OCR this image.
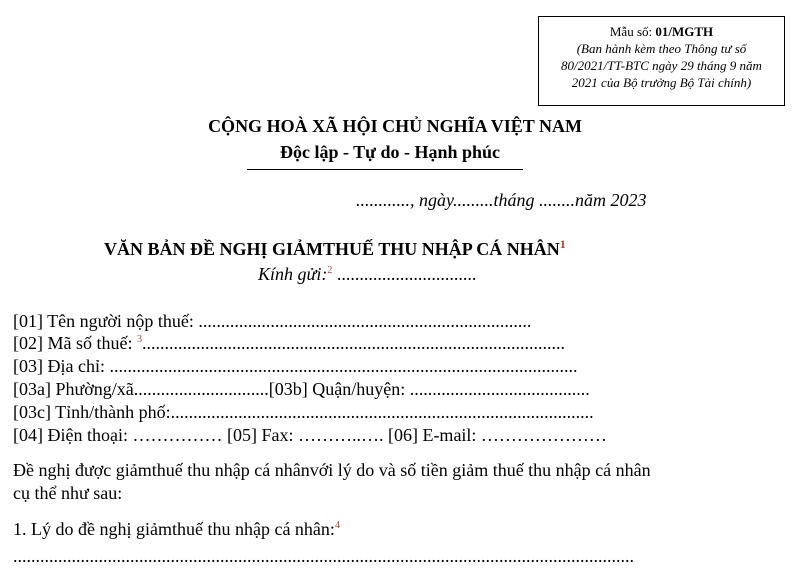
Mẫu số: 01/MGTH
(Ban hành kèm theo Thông tư số
80/2021/TT-BTC ngày 29 tháng 9 năm
2021 của Bộ trưởng Bộ Tài chính)
CỘNG HOÀ XÃ HỘI CHỦ NGHĨA VIỆT NAM
Độc lập - Tự do - Hạnh phúc
............, ngày.........tháng ........năm 2023
VĂN BẢN ĐỀ NGHỊ GIẢMTHUẾ THU NHẬP CÁ NHÂN$^1$
Kính gửi:$^2$ ...............................
[01] Tên người nộp thuế: ..........................................................................
[02] Mã số thuế: $^3$..............................................................................................
[03] Địa chỉ: ........................................................................................................
[03a] Phường/xã..............................[03b] Quận/huyện: ........................................
[03c] Tỉnh/thành phố:..............................................................................................
[04] Điện thoại: …………… [05] Fax: ………..…. [06] E-mail: …………………
Đề nghị được giảmthuế thu nhập cá nhânvới lý do và số tiền giảm thuế thu nhập cá nhân
cụ thể như sau:
1. Lý do đề nghị giảmthuế thu nhập cá nhân:$^4$
..........................................................................................................................................
